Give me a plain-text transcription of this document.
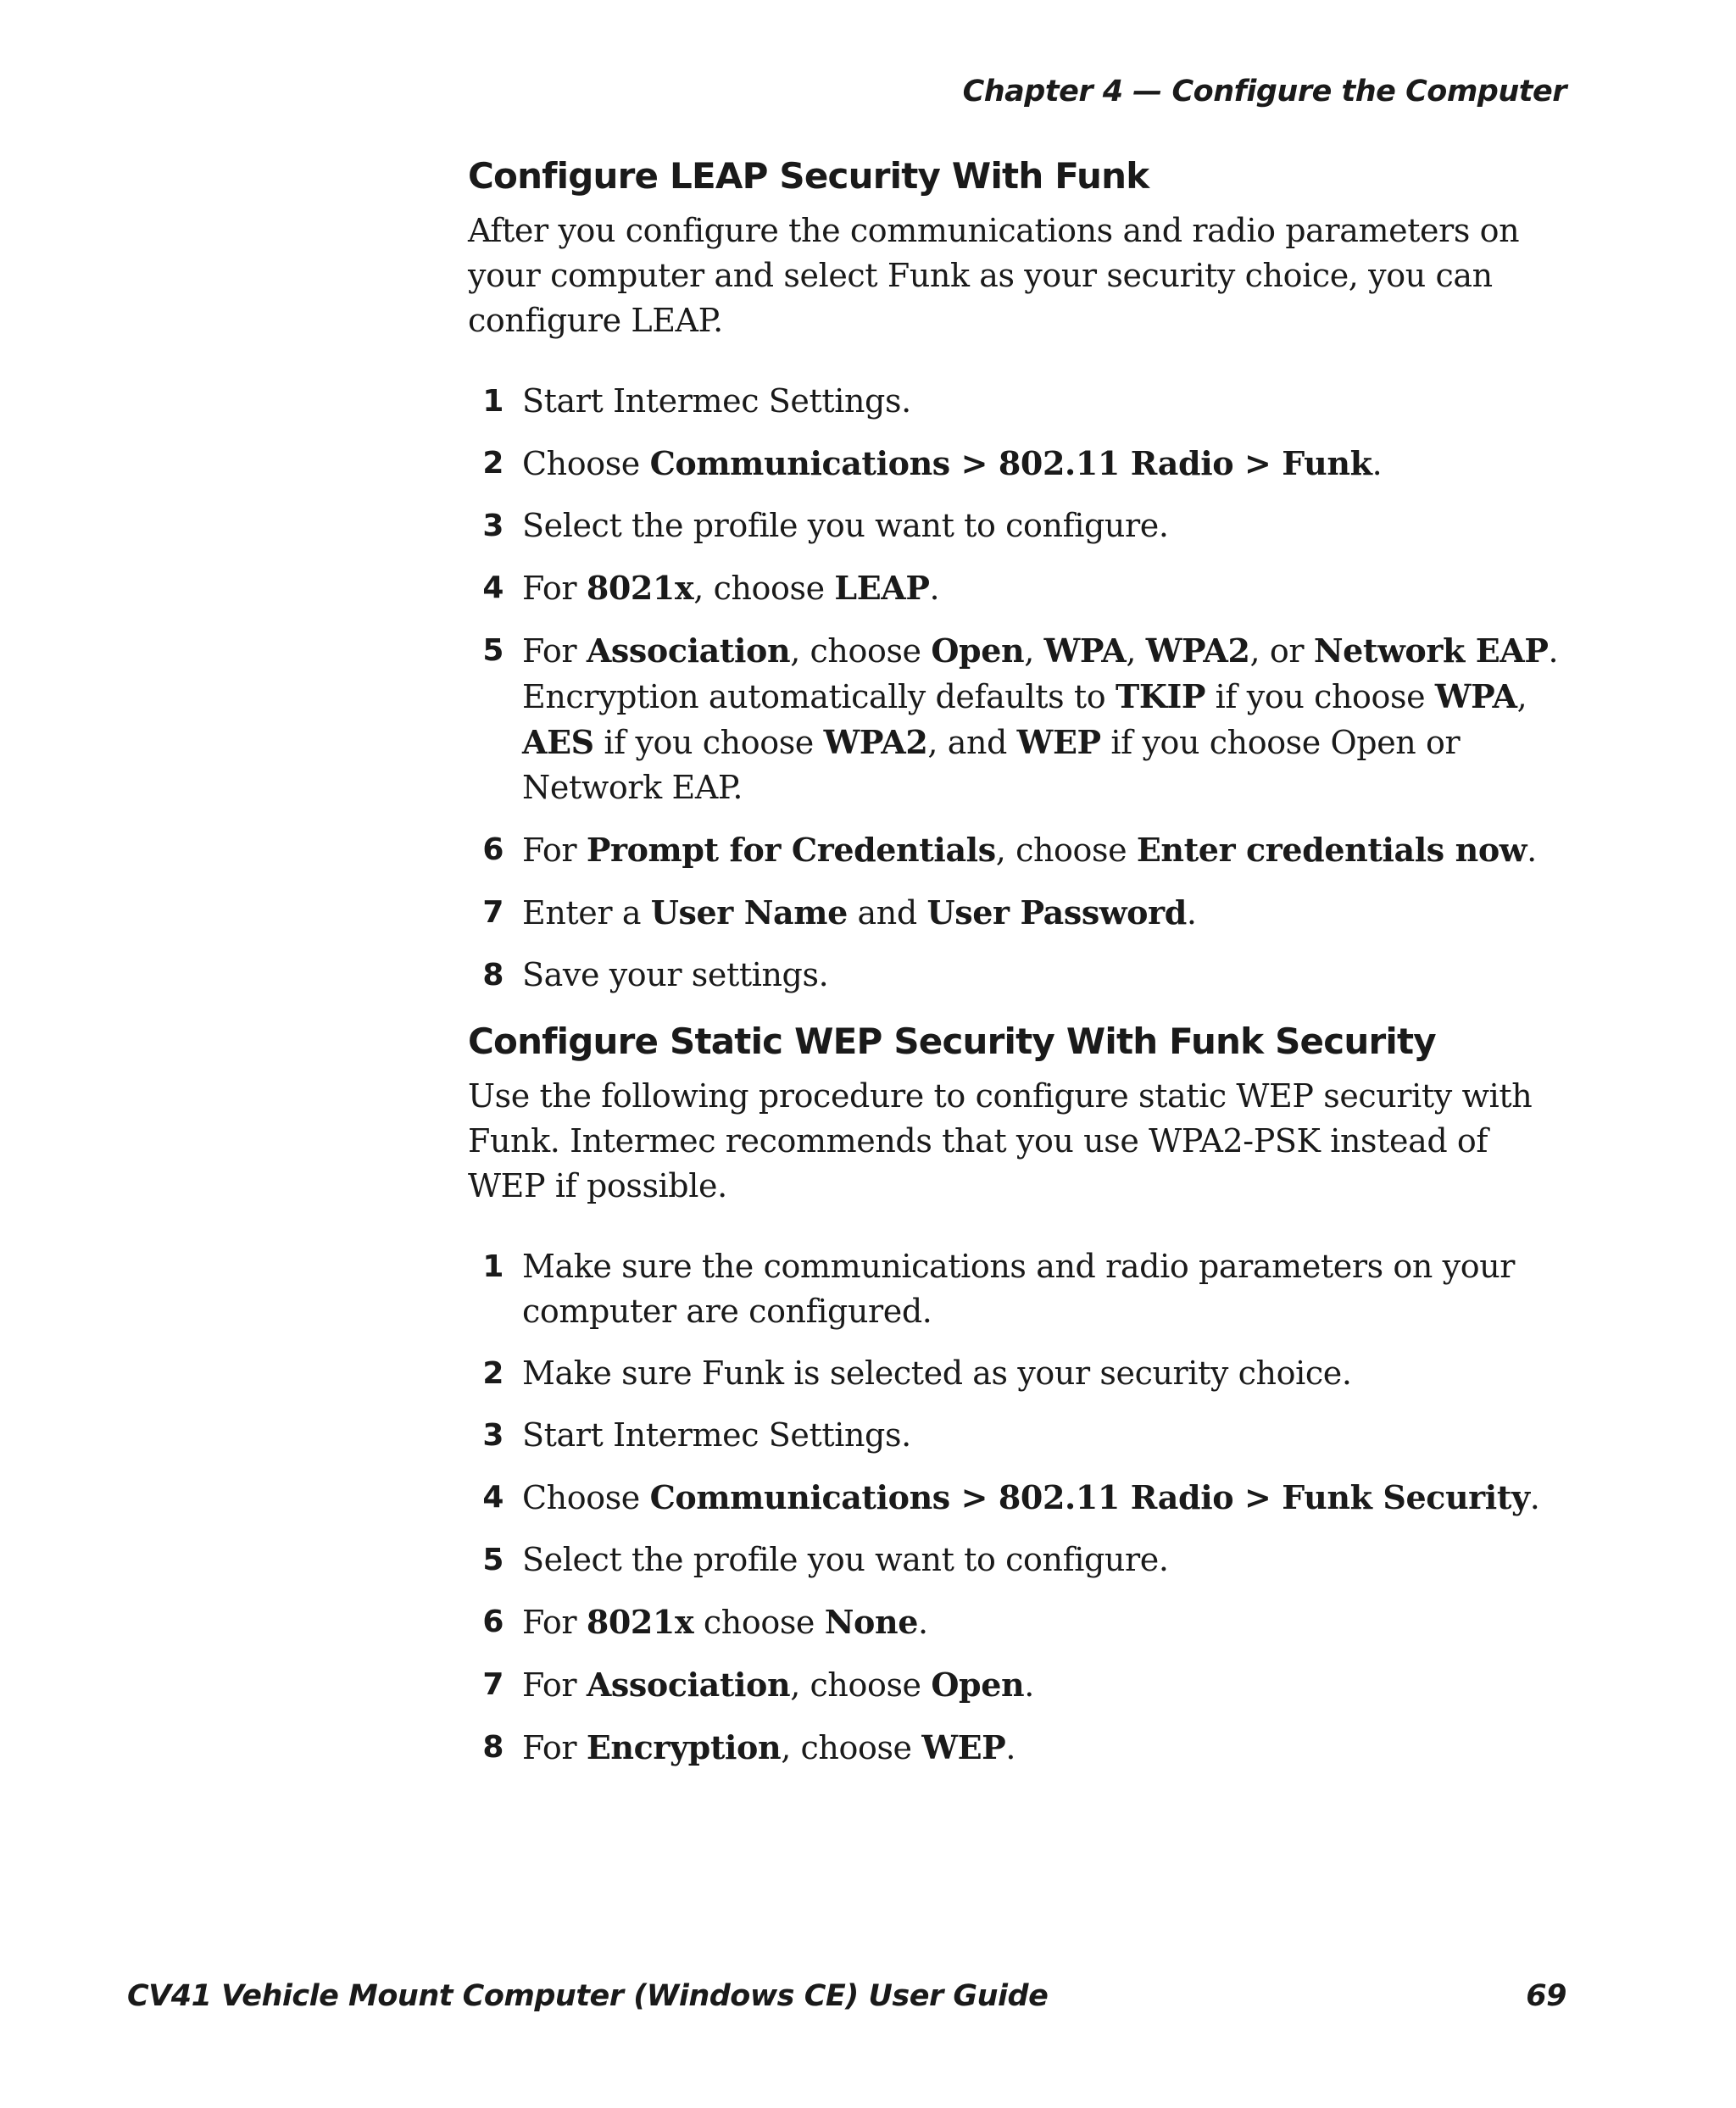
Chapter 4 — Configure the Computer
Configure LEAP Security With Funk

After you configure the communications and radio parameters on your computer and select Funk as your security choice, you can configure LEAP.

1 Start Intermec Settings.
2 Choose Communications > 802.11 Radio > Funk.
3 Select the profile you want to configure.
4 For 8021x, choose LEAP.
5 For Association, choose Open, WPA, WPA2, or Network EAP. Encryption automatically defaults to TKIP if you choose WPA, AES if you choose WPA2, and WEP if you choose Open or Network EAP.
6 For Prompt for Credentials, choose Enter credentials now.
7 Enter a User Name and User Password.
8 Save your settings.
Configure Static WEP Security With Funk Security

Use the following procedure to configure static WEP security with Funk. Intermec recommends that you use WPA2-PSK instead of WEP if possible.

1 Make sure the communications and radio parameters on your computer are configured.
2 Make sure Funk is selected as your security choice.
3 Start Intermec Settings.
4 Choose Communications > 802.11 Radio > Funk Security.
5 Select the profile you want to configure.
6 For 8021x choose None.
7 For Association, choose Open.
8 For Encryption, choose WEP.
CV41 Vehicle Mount Computer (Windows CE) User Guide	69
